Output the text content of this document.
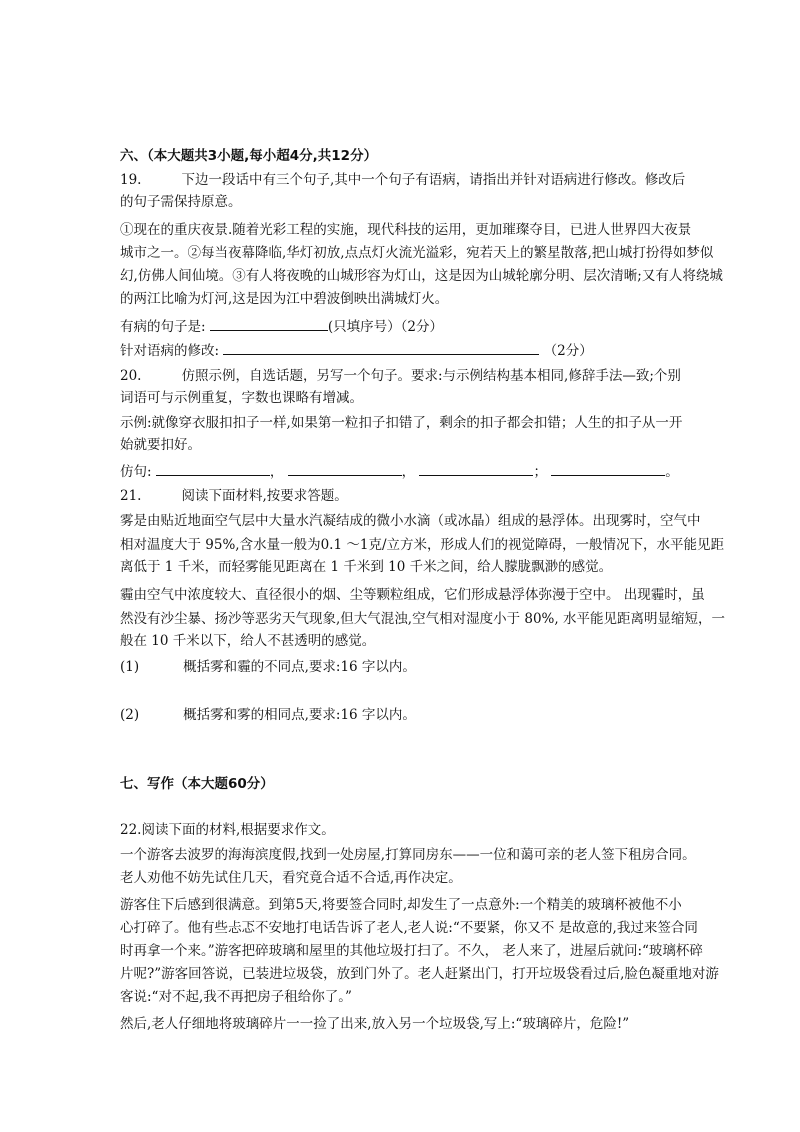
六、（本大题共3小题,每小超4分,共12分）
19.	下边一段话中有三个句子,其中一个句子有语病，请指出并针对语病进行修改。修改后
的句子需保持原意。
①现在的重庆夜景.随着光彩工程的实施，现代科技的运用，更加璀璨夺目，已进人世界四大夜景
城市之一。②每当夜幕降临,华灯初放,点点灯火流光溢彩，宛若天上的繁星散落,把山城打扮得如梦似
幻,仿佛人间仙境。③有人将夜晚的山城形容为灯山，这是因为山城轮廓分明、层次清晰;又有人将绕城
的两江比喻为灯河,这是因为江中碧波倒映出满城灯火。
有病的句子是:	(只填序号）（2分）
针对语病的修改:	（2分）
20.	仿照示例，自选话题，另写一个句子。要求:与示例结构基本相同,修辞手法—致;个别
词语可与示例重复，字数也课略有增减。
示例:就像穿衣服扣扣子一样,如果第一粒扣子扣错了，剩余的扣子都会扣错；人生的扣子从一开
始就要扣好。
仿句:	，	，	；	。
21.	阅读下面材料,按要求答题。
雾是由贴近地面空气层中大量水汽凝结成的微小水滴（或冰晶）组成的悬浮体。出现雾时，空气中
相对温度大于 95%,含水量一般为0.1 ～1克/立方米，形成人们的视觉障碍，一般情况下，水平能见距
离低于 1 千米，而轻雾能见距离在 1 千米到 10 千米之间，给人朦胧飘渺的感觉。
霾由空气中浓度较大、直径很小的烟、尘等颗粒组成，它们形成悬浮体弥漫于空中。 出现霾时，虽
然没有沙尘暴、扬沙等恶劣天气现象,但大气混浊,空气相对湿度小于 80%, 水平能见距离明显缩短，一
般在 10 千米以下，给人不甚透明的感觉。
(1)	概括雾和霾的不同点,要求:16 字以内。
(2)	概括雾和雾的相同点,要求:16 字以内。
七、写作（本大题60分）
22.阅读下面的材料,根据要求作文。
一个游客去波罗的海海滨度假,找到一处房屋,打算同房东——一位和蔼可亲的老人签下租房合同。
老人劝他不妨先试住几天，看究竟合适不合适,再作决定。
游客住下后感到很满意。到第5天,将要签合同时,却发生了一点意外:一个精美的玻璃杯被他不小
心打碎了。他有些忐忑不安地打电话告诉了老人,老人说:“不要紧，你又不 是故意的,我过来签合同
时再拿一个来。”游客把碎玻璃和屋里的其他垃圾打扫了。不久， 老人来了，进屋后就问:“玻璃杯碎
片呢?”游客回答说，已装进垃圾袋，放到门外了。老人赶紧出门，打开垃圾袋看过后,脸色凝重地对游
客说:“对不起,我不再把房子租给你了。”
然后,老人仔细地将玻璃碎片一一捡了出来,放入另一个垃圾袋,写上:“玻璃碎片，危险!”
